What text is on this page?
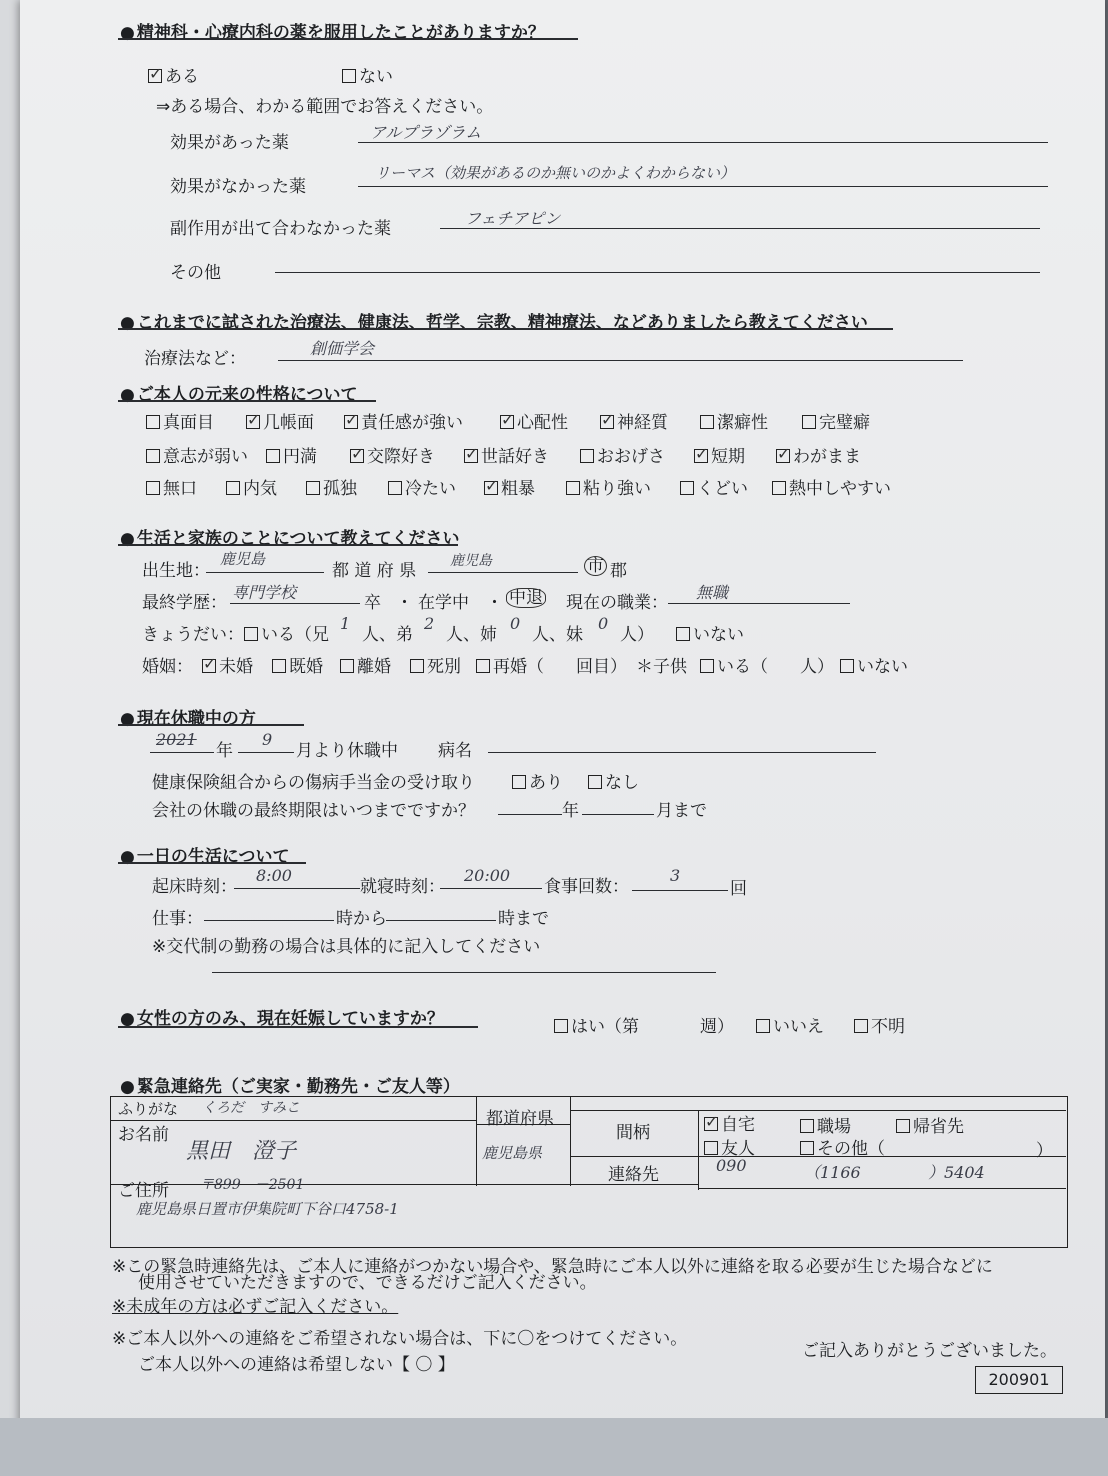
● 精神科・心療内科の薬を服用したことがありますか？
✓ ある	ない
⇒ある場合、わかる範囲でお答えください。
効果があった薬
アルプラゾラム
効果がなかった薬
リーマス（効果があるのか無いのかよくわからない）
副作用が出て合わなかった薬
フェチアピン
その他
● これまでに試された治療法、健康法、哲学、宗教、精神療法、などありましたら教えてください
治療法など：
創価学会
● ご本人の元来の性格について
真面目 ✓ 几帳面 ✓ 責任感が強い ✓ 心配性 ✓ 神経質	潔癖性	完璧癖
意志が弱い	円満 ✓ 交際好き ✓ 世話好き	おおげさ ✓ 短期 ✓ わがまま
無口	内気	孤独	冷たい ✓ 粗暴	粘り強い	くどい	熱中しやすい
● 生活と家族のことについて教えてください
出生地：
鹿児島
都 道 府 県 鹿児島	市 郡
最終学歴：
専門学校
卒 ・ 在学中 ・ 中退 現在の職業：
無職
きょうだい：	いる（兄
1
人、弟
2
人、姉
0
人、妹
0
人）	いない
婚姻： ✓ 未婚	既婚	離婚	死別	再婚（ 回目） ＊子供	いる（ 人）	いない
● 現在休職中の方
2021
年
9
月より休職中 病名
健康保険組合からの傷病手当金の受け取り	あり	なし
会社の休職の最終期限はいつまでですか？	年	月まで
● 一日の生活について
起床時刻：
8:00
就寝時刻：
20:00
食事回数：
3
回
仕事：	時から	時まで
※交代制の勤務の場合は具体的に記入してください
● 女性の方のみ、現在妊娠していますか？	はい（第	週）	いいえ	不明
● 緊急連絡先（ご実家・勤務先・ご友人等）
ふりがな くろだ　すみこ
お名前
黒田　澄子
都道府県
鹿児島県
ご住所 〒899　－2501
鹿児島県日置市伊集院町下谷口4758-1
間柄
✓ 自宅	職場	帰省先
友人	その他（	）
連絡先	090	（1166	）5404
※この緊急時連絡先は、ご本人に連絡がつかない場合や、緊急時にご本人以外に連絡を取る必要が生じた場合などに
使用させていただきますので、できるだけご記入ください。
※未成年の方は必ずご記入ください。
※ご本人以外への連絡をご希望されない場合は、下に〇をつけてください。
ご本人以外への連絡は希望しない【 〇 】
ご記入ありがとうございました。
200901
